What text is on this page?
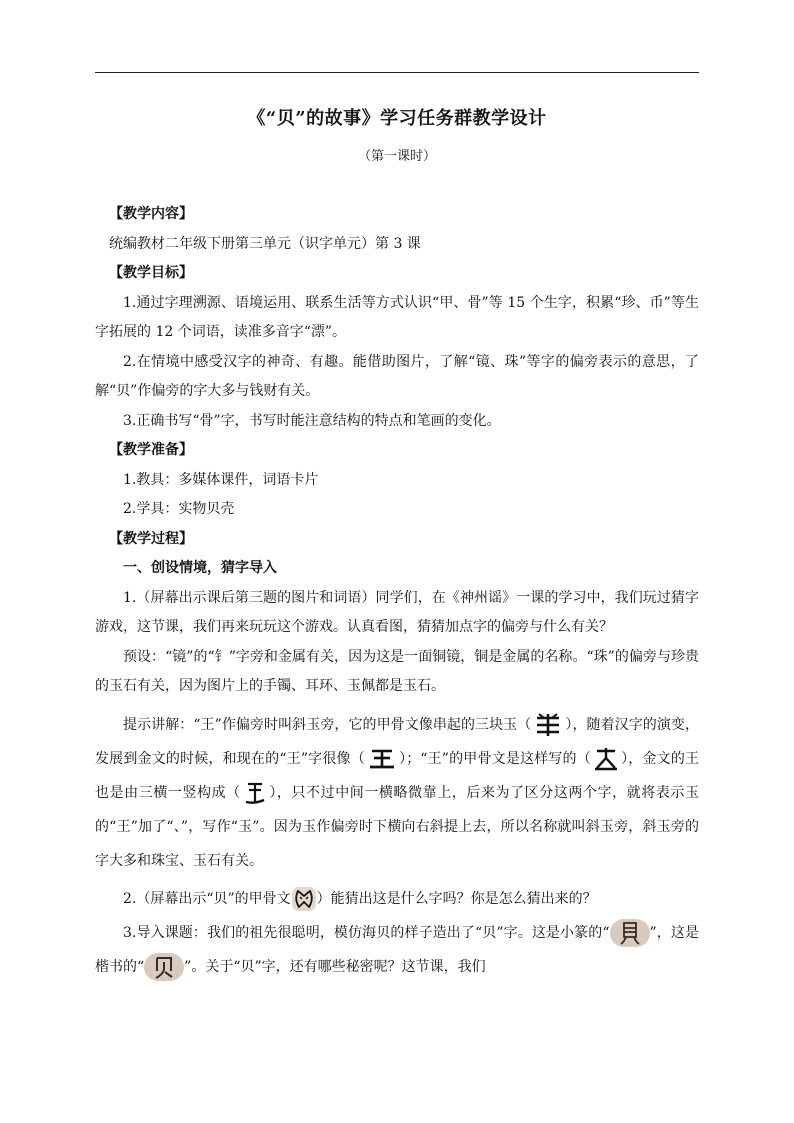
《“贝”的故事》学习任务群教学设计
（第一课时）

【教学内容】

统编教材二年级下册第三单元（识字单元）第 3 课

【教学目标】

1.通过字理溯源、语境运用、联系生活等方式认识“甲、骨”等 15 个生字，积累“珍、币”等生字拓展的 12 个词语，读准多音字“漂”。

2.在情境中感受汉字的神奇、有趣。能借助图片，了解“镜、珠”等字的偏旁表示的意思，了解“贝”作偏旁的字大多与钱财有关。

3.正确书写“骨”字，书写时能注意结构的特点和笔画的变化。

【教学准备】

1.教具：多媒体课件，词语卡片

2.学具：实物贝壳

【教学过程】

一、创设情境，猜字导入

1.（屏幕出示课后第三题的图片和词语）同学们，在《神州谣》一课的学习中，我们玩过猜字游戏，这节课，我们再来玩玩这个游戏。认真看图，猜猜加点字的偏旁与什么有关？

预设：“镜”的“钅”字旁和金属有关，因为这是一面铜镜，铜是金属的名称。“珠”的偏旁与珍贵的玉石有关，因为图片上的手镯、耳环、玉佩都是玉石。

提示讲解：“王”作偏旁时叫斜玉旁，它的甲骨文像串起的三块玉（ ），随着汉字的演变，发展到金文的时候，和现在的“王”字很像（ ）；“王”的甲骨文是这样写的（ ），金文的王也是由三横一竖构成（ ），只不过中间一横略微靠上，后来为了区分这两个字，就将表示玉的“王”加了“、”，写作“玉”。因为玉作偏旁时下横向右斜提上去，所以名称就叫斜玉旁，斜玉旁的字大多和珠宝、玉石有关。

2.（屏幕出示“贝”的甲骨文 ）能猜出这是什么字吗？你是怎么猜出来的？

3.导入课题：我们的祖先很聪明，模仿海贝的样子造出了“贝”字。这是小篆的“	”，这是 楷书的“	”。关于“贝”字，还有哪些秘密呢？这节课，我们
